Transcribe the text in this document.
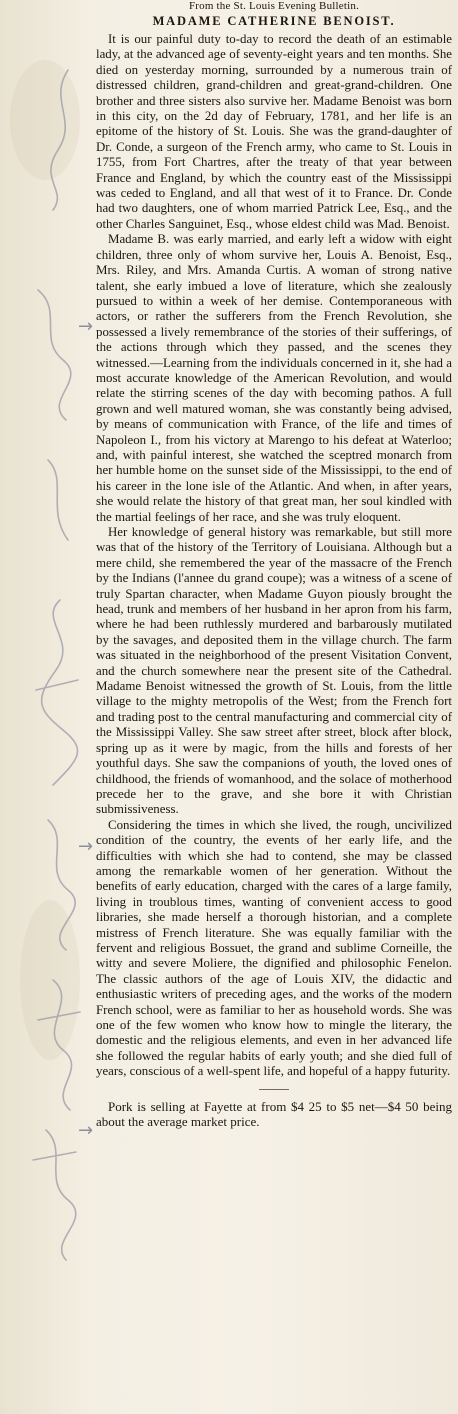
→
→
→
From the St. Louis Evening Bulletin.
MADAME CATHERINE BENOIST.

It is our painful duty to-day to record the death of an estimable lady, at the advanced age of seventy-eight years and ten months. She died on yesterday morning, surrounded by a numerous train of distressed children, grand-children and great-grand-children. One brother and three sisters also survive her. Madame Benoist was born in this city, on the 2d day of February, 1781, and her life is an epitome of the history of St. Louis. She was the grand-daughter of Dr. Conde, a surgeon of the French army, who came to St. Louis in 1755, from Fort Chartres, after the treaty of that year between France and England, by which the country east of the Mississippi was ceded to England, and all that west of it to France. Dr. Conde had two daughters, one of whom married Patrick Lee, Esq., and the other Charles Sanguinet, Esq., whose eldest child was Mad. Benoist.

Madame B. was early married, and early left a widow with eight children, three only of whom survive her, Louis A. Benoist, Esq., Mrs. Riley, and Mrs. Amanda Curtis. A woman of strong native talent, she early imbued a love of literature, which she zealously pursued to within a week of her demise. Contemporaneous with actors, or rather the sufferers from the French Revolution, she possessed a lively remembrance of the stories of their sufferings, of the actions through which they passed, and the scenes they witnessed.—Learning from the individuals concerned in it, she had a most accurate knowledge of the American Revolution, and would relate the stirring scenes of the day with becoming pathos. A full grown and well matured woman, she was constantly being advised, by means of communication with France, of the life and times of Napoleon I., from his victory at Marengo to his defeat at Waterloo; and, with painful interest, she watched the sceptred monarch from her humble home on the sunset side of the Mississippi, to the end of his career in the lone isle of the Atlantic. And when, in after years, she would relate the history of that great man, her soul kindled with the martial feelings of her race, and she was truly eloquent.

Her knowledge of general history was remarkable, but still more was that of the history of the Territory of Louisiana. Although but a mere child, she remembered the year of the massacre of the French by the Indians (l'annee du grand coupe); was a witness of a scene of truly Spartan character, when Madame Guyon piously brought the head, trunk and members of her husband in her apron from his farm, where he had been ruthlessly murdered and barbarously mutilated by the savages, and deposited them in the village church. The farm was situated in the neighborhood of the present Visitation Convent, and the church somewhere near the present site of the Cathedral. Madame Benoist witnessed the growth of St. Louis, from the little village to the mighty metropolis of the West; from the French fort and trading post to the central manufacturing and commercial city of the Mississippi Valley. She saw street after street, block after block, spring up as it were by magic, from the hills and forests of her youthful days. She saw the companions of youth, the loved ones of childhood, the friends of womanhood, and the solace of motherhood precede her to the grave, and she bore it with Christian submissiveness.

Considering the times in which she lived, the rough, uncivilized condition of the country, the events of her early life, and the difficulties with which she had to contend, she may be classed among the remarkable women of her generation. Without the benefits of early education, charged with the cares of a large family, living in troublous times, wanting of convenient access to good libraries, she made herself a thorough historian, and a complete mistress of French literature. She was equally familiar with the fervent and religious Bossuet, the grand and sublime Corneille, the witty and severe Moliere, the dignified and philosophic Fenelon. The classic authors of the age of Louis XIV, the didactic and enthusiastic writers of preceding ages, and the works of the modern French school, were as familiar to her as household words. She was one of the few women who know how to mingle the literary, the domestic and the religious elements, and even in her advanced life she followed the regular habits of early youth; and she died full of years, conscious of a well-spent life, and hopeful of a happy futurity.

Pork is selling at Fayette at from $4 25 to $5 net—$4 50 being about the average market price.
